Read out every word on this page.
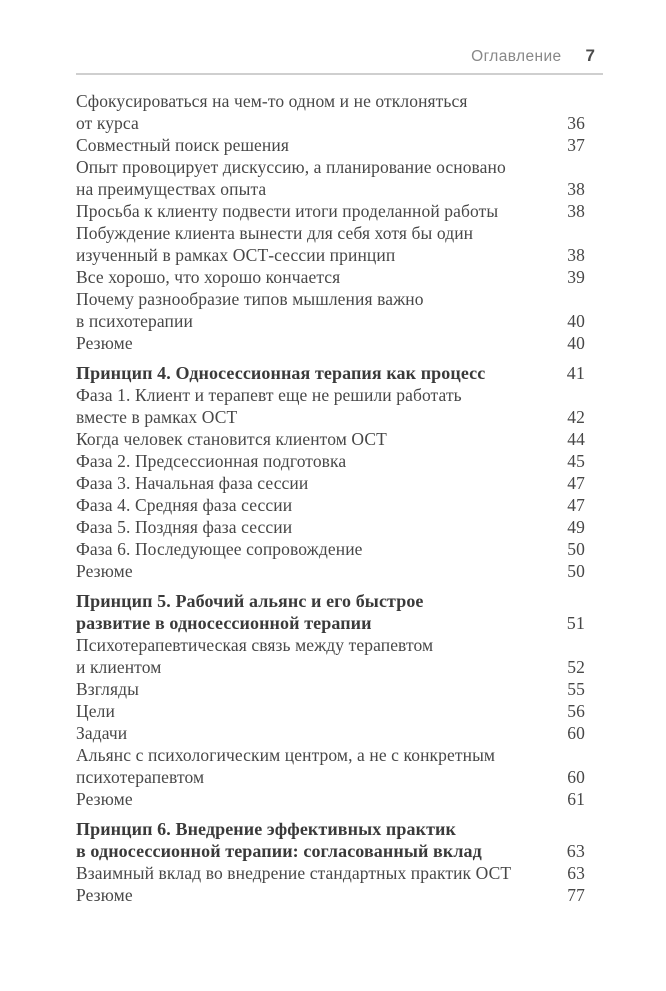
Оглавление 7
Сфокусироваться на чем-то одном и не отклоняться
от курса	36
Совместный поиск решения	37
Опыт провоцирует дискуссию, а планирование основано
на преимуществах опыта	38
Просьба к клиенту подвести итоги проделанной работы	38
Побуждение клиента вынести для себя хотя бы один
изученный в рамках ОСТ-сессии принцип	38
Все хорошо, что хорошо кончается	39
Почему разнообразие типов мышления важно
в психотерапии	40
Резюме	40
Принцип 4. Односессионная терапия как процесс	41
Фаза 1. Клиент и терапевт еще не решили работать
вместе в рамках ОСТ	42
Когда человек становится клиентом ОСТ	44
Фаза 2. Предсессионная подготовка	45
Фаза 3. Начальная фаза сессии	47
Фаза 4. Средняя фаза сессии	47
Фаза 5. Поздняя фаза сессии	49
Фаза 6. Последующее сопровождение	50
Резюме	50
Принцип 5. Рабочий альянс и его быстрое
развитие в односессионной терапии	51
Психотерапевтическая связь между терапевтом
и клиентом	52
Взгляды	55
Цели	56
Задачи	60
Альянс с психологическим центром, а не с конкретным
психотерапевтом	60
Резюме	61
Принцип 6. Внедрение эффективных практик
в односессионной терапии: согласованный вклад	63
Взаимный вклад во внедрение стандартных практик ОСТ	63
Резюме	77
